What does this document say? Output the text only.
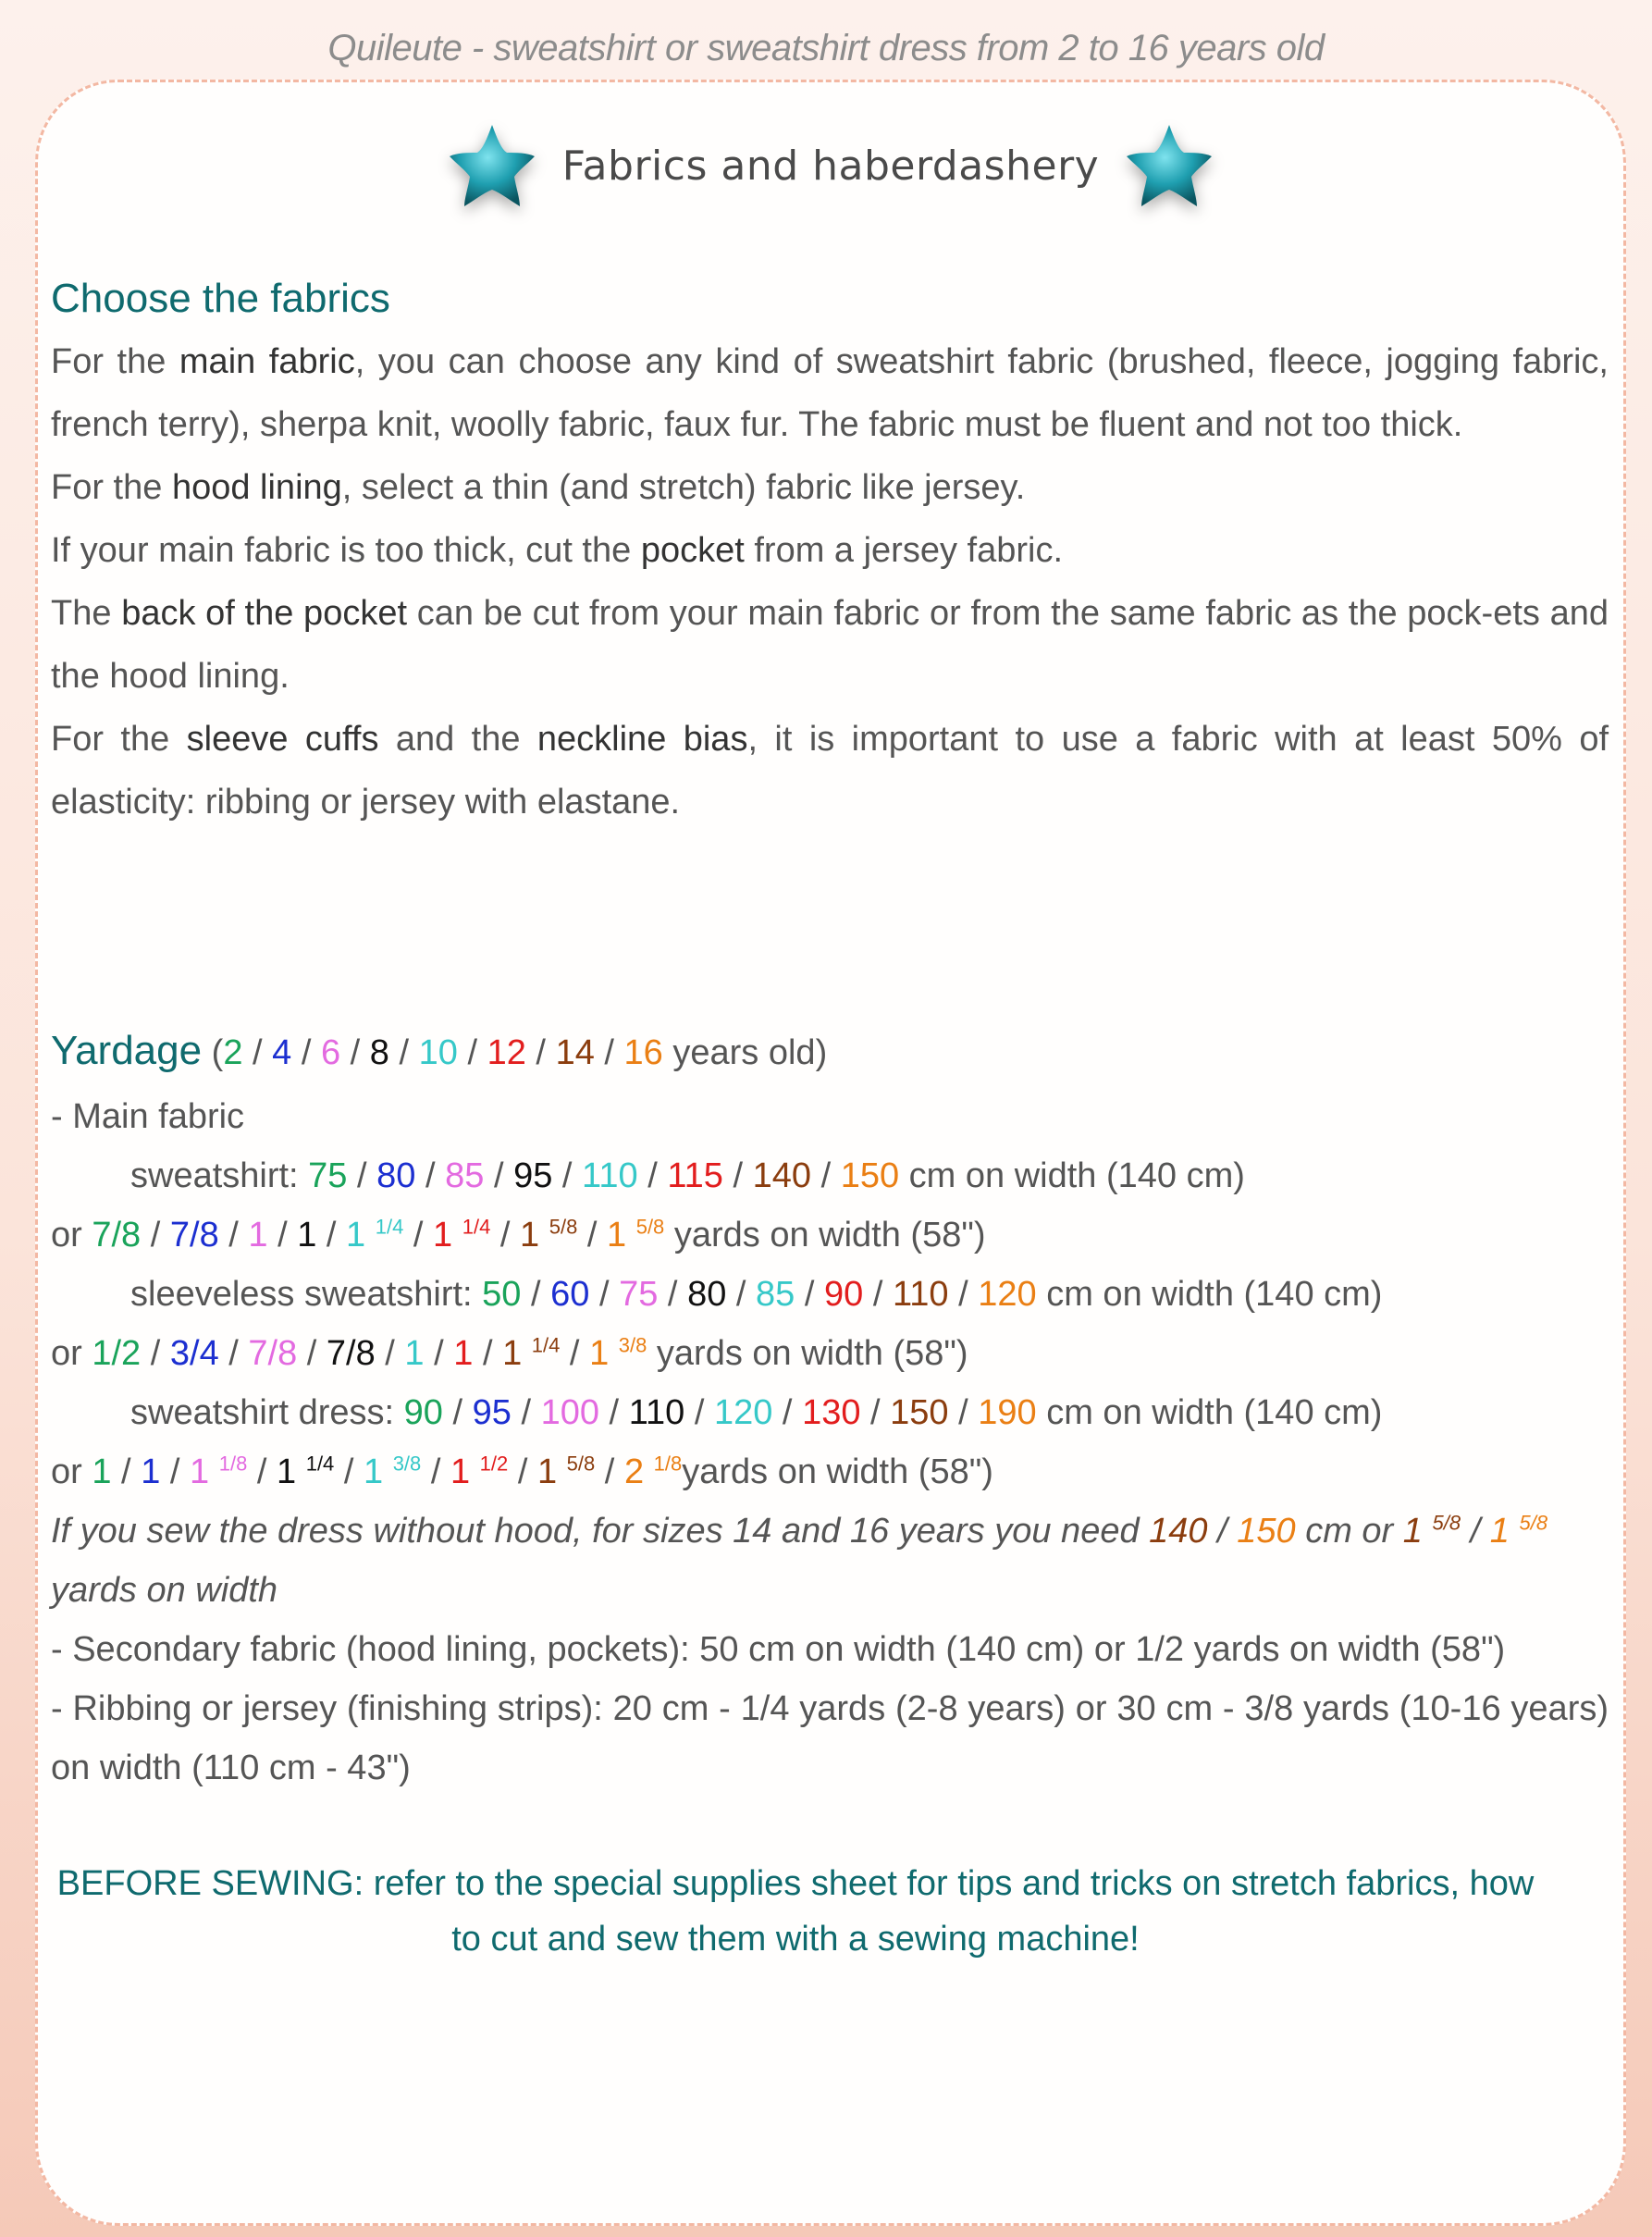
Quileute - sweatshirt or sweatshirt dress from 2 to 16 years old
Fabrics and haberdashery
Choose the fabrics
For the main fabric, you can choose any kind of sweatshirt fabric (brushed, fleece, jogging fabric, french terry), sherpa knit, woolly fabric, faux fur. The fabric must be fluent and not too thick.
For the hood lining, select a thin (and stretch) fabric like jersey.
If your main fabric is too thick, cut the pocket from a jersey fabric.
The back of the pocket can be cut from your main fabric or from the same fabric as the pock-ets and the hood lining.
For the sleeve cuffs and the neckline bias, it is important to use a fabric with at least 50% of elasticity: ribbing or jersey with elastane.
Yardage (2 / 4 / 6 / 8 / 10 / 12 / 14 / 16 years old)
- Main fabric
sweatshirt: 75 / 80 / 85 / 95 / 110 / 115 / 140 / 150 cm on width (140 cm)
or 7/8 / 7/8 / 1 / 1 / 1 $^{1/4}$ / 1 $^{1/4}$ / 1 $^{5/8}$ / 1 $^{5/8}$ yards on width (58")
sleeveless sweatshirt: 50 / 60 / 75 / 80 / 85 / 90 / 110 / 120 cm on width (140 cm)
or 1/2 / 3/4 / 7/8 / 7/8 / 1 / 1 / 1 $^{1/4}$ / 1 $^{3/8}$ yards on width (58")
sweatshirt dress: 90 / 95 / 100 / 110 / 120 / 130 / 150 / 190 cm on width (140 cm)
or 1 / 1 / 1 $^{1/8}$ / 1 $^{1/4}$ / 1 $^{3/8}$ / 1 $^{1/2}$ / 1 $^{5/8}$ / 2 $^{1/8}$yards on width (58")
If you sew the dress without hood, for sizes 14 and 16 years you need 140 / 150 cm or 1 $^{5/8}$ / 1 $^{5/8}$ yards on width
- Secondary fabric (hood lining, pockets): 50 cm on width (140 cm) or 1/2 yards on width (58")
- Ribbing or jersey (finishing strips): 20 cm - 1/4 yards (2-8 years) or 30 cm - 3/8 yards (10-16 years) on width (110 cm - 43")
BEFORE SEWING: refer to the special supplies sheet for tips and tricks on stretch fabrics, how to cut and sew them with a sewing machine!
